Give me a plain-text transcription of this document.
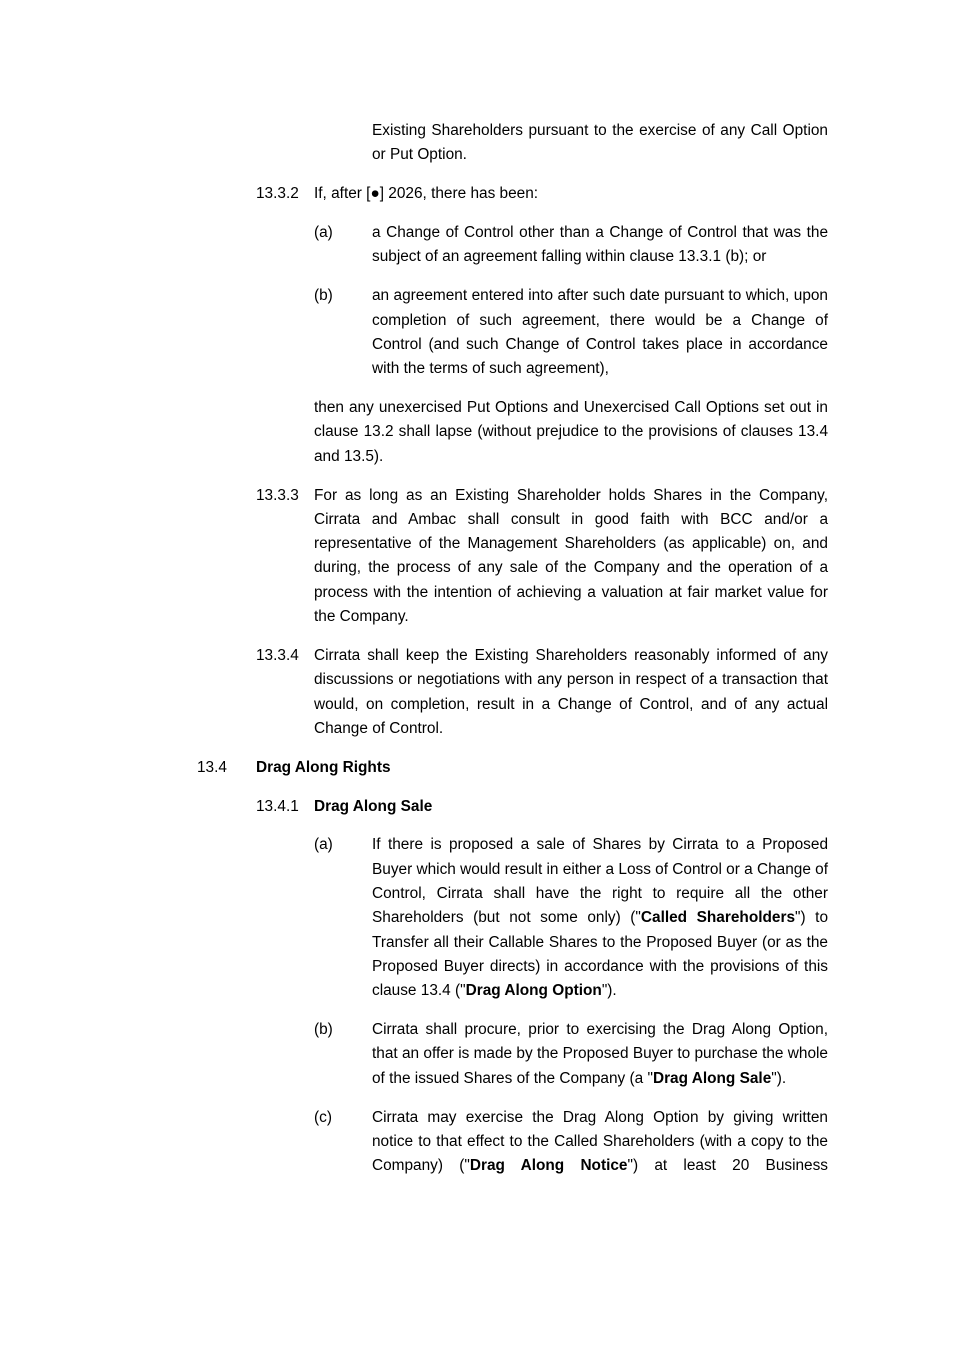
Existing Shareholders pursuant to the exercise of any Call Option or Put Option.
13.3.2 If, after [●] 2026, there has been:
(a)	a Change of Control other than a Change of Control that was the subject of an agreement falling within clause 13.3.1 (b); or
(b)	an agreement entered into after such date pursuant to which, upon completion of such agreement, there would be a Change of Control (and such Change of Control takes place in accordance with the terms of such agreement),
then any unexercised Put Options and Unexercised Call Options set out in clause 13.2 shall lapse (without prejudice to the provisions of clauses 13.4 and 13.5).
13.3.3 For as long as an Existing Shareholder holds Shares in the Company, Cirrata and Ambac shall consult in good faith with BCC and/or a representative of the Management Shareholders (as applicable) on, and during, the process of any sale of the Company and the operation of a process with the intention of achieving a valuation at fair market value for the Company.
13.3.4 Cirrata shall keep the Existing Shareholders reasonably informed of any discussions or negotiations with any person in respect of a transaction that would, on completion, result in a Change of Control, and of any actual Change of Control.
13.4	Drag Along Rights
13.4.1 Drag Along Sale
(a)	If there is proposed a sale of Shares by Cirrata to a Proposed Buyer which would result in either a Loss of Control or a Change of Control, Cirrata shall have the right to require all the other Shareholders (but not some only) ("Called Shareholders") to Transfer all their Callable Shares to the Proposed Buyer (or as the Proposed Buyer directs) in accordance with the provisions of this clause 13.4 ("Drag Along Option").
(b)	Cirrata shall procure, prior to exercising the Drag Along Option, that an offer is made by the Proposed Buyer to purchase the whole of the issued Shares of the Company (a "Drag Along Sale").
(c)	Cirrata may exercise the Drag Along Option by giving written notice to that effect to the Called Shareholders (with a copy to the Company) ("Drag Along Notice") at least 20 Business
